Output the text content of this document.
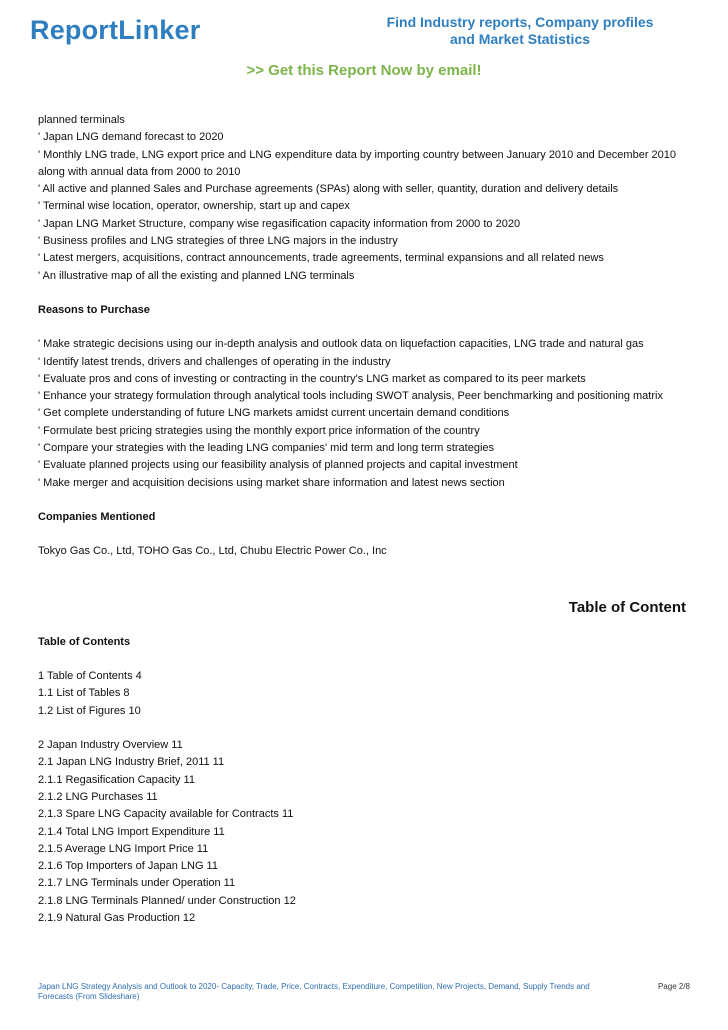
ReportLinker	Find Industry reports, Company profiles
and Market Statistics
>> Get this Report Now by email!
planned terminals
' Japan LNG demand forecast to 2020
' Monthly LNG trade, LNG export price and LNG expenditure data by importing country between January 2010 and December 2010
along with annual data from 2000 to 2010
' All active and planned Sales and Purchase agreements (SPAs) along with seller, quantity, duration and delivery details
' Terminal wise location, operator, ownership, start up and capex
' Japan LNG Market Structure, company wise regasification capacity information from 2000 to 2020
' Business profiles and LNG strategies of three LNG majors in the industry
' Latest mergers, acquisitions, contract announcements, trade agreements, terminal expansions and all related news
' An illustrative map of all the existing and planned LNG terminals
Reasons to Purchase
' Make strategic decisions using our in-depth analysis and outlook data on liquefaction capacities, LNG trade and natural gas
' Identify latest trends, drivers and challenges of operating in the industry
' Evaluate pros and cons of investing or contracting in the country's LNG market as compared to its peer markets
' Enhance your strategy formulation through analytical tools including SWOT analysis, Peer benchmarking and positioning matrix
' Get complete understanding of future LNG markets amidst current uncertain demand conditions
' Formulate best pricing strategies using the monthly export price information of the country
' Compare your strategies with the leading LNG companies' mid term and long term strategies
' Evaluate planned projects using our feasibility analysis of planned projects and capital investment
' Make merger and acquisition decisions using market share information and latest news section
Companies Mentioned
Tokyo Gas Co., Ltd, TOHO Gas Co., Ltd, Chubu Electric Power Co., Inc
Table of Content
Table of Contents
1 Table of Contents 4
1.1 List of Tables 8
1.2 List of Figures 10
2 Japan Industry Overview 11
2.1 Japan LNG Industry Brief, 2011 11
2.1.1 Regasification Capacity 11
2.1.2 LNG Purchases 11
2.1.3 Spare LNG Capacity available for Contracts 11
2.1.4 Total LNG Import Expenditure 11
2.1.5 Average LNG Import Price 11
2.1.6 Top Importers of Japan LNG 11
2.1.7 LNG Terminals under Operation 11
2.1.8 LNG Terminals Planned/ under Construction 12
2.1.9 Natural Gas Production 12
Japan LNG Strategy Analysis and Outlook to 2020- Capacity, Trade, Price, Contracts, Expenditure, Competition, New Projects, Demand, Supply Trends and Forecasts (From Slideshare)
Page 2/8
